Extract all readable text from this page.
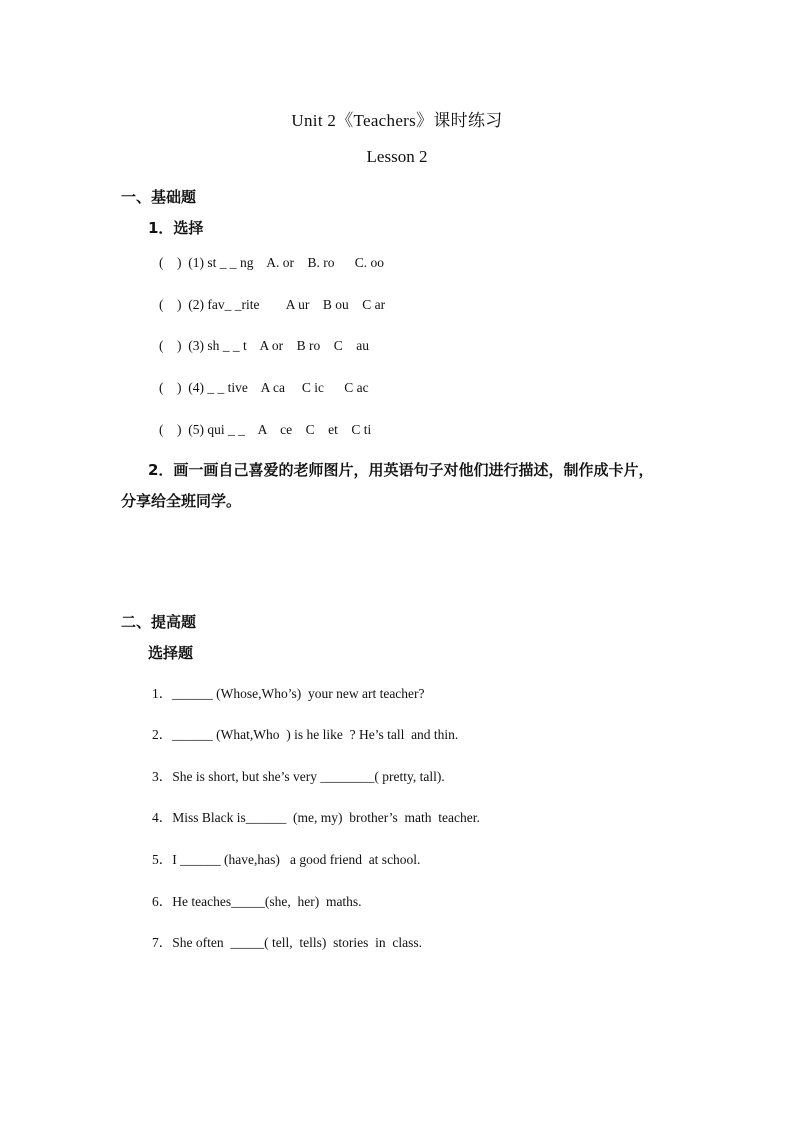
Unit 2《Teachers》课时练习
Lesson 2
一、基础题
1．选择
(    )  (1) st _ _ ng    A. or    B. ro      C. oo
(    )  (2) fav_ _rite        A ur    B ou    C ar
(    )  (3) sh _ _ t    A or    B ro    C    au
(    )  (4) _ _ tive    A ca     C ic      C ac
(    )  (5) qui _ _    A    ce    C    et    C ti
2．画一画自己喜爱的老师图片，用英语句子对他们进行描述，制作成卡片，分享给全班同学。
二、提高题
选择题
1．______ (Whose,Who’s)  your new art teacher?
2．______ (What,Who  ) is he like  ? He’s tall  and thin.
3．She is short, but she’s very ________( pretty, tall).
4．Miss Black is______  (me, my)  brother’s  math  teacher.
5．I ______ (have,has)   a good friend  at school.
6．He teaches_____(she,  her)  maths.
7．She often  _____( tell,  tells)  stories  in  class.
